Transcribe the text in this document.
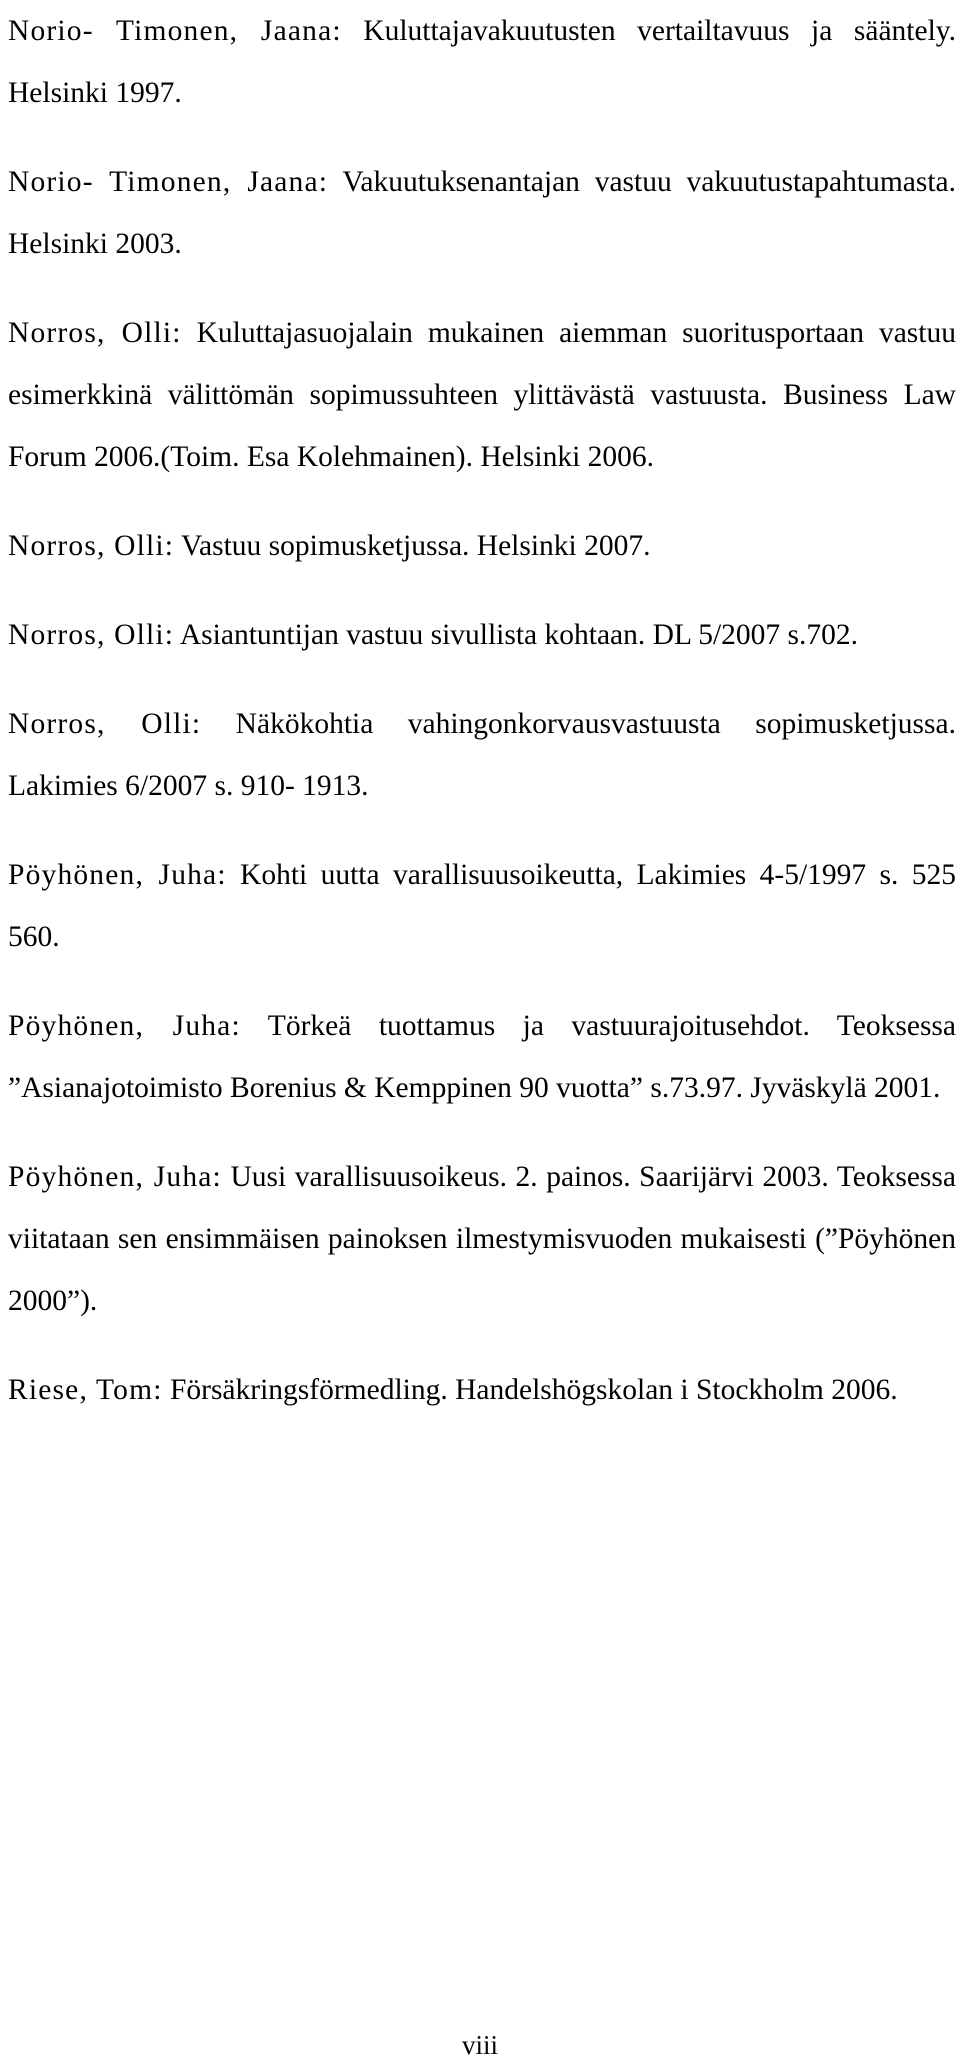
Norio- Timonen, Jaana: Kuluttajavakuutusten vertailtavuus ja sääntely. Helsinki 1997.

Norio- Timonen, Jaana: Vakuutuksenantajan vastuu vakuutustapahtumasta. Helsinki 2003.

Norros, Olli: Kuluttajasuojalain mukainen aiemman suoritusportaan vastuu esimerkkinä välittömän sopimussuhteen ylittävästä vastuusta. Business Law Forum 2006.(Toim. Esa Kolehmainen). Helsinki 2006.

Norros, Olli: Vastuu sopimusketjussa. Helsinki 2007.

Norros, Olli: Asiantuntijan vastuu sivullista kohtaan. DL 5/2007 s.702.

Norros, Olli: Näkökohtia vahingonkorvausvastuusta sopimusketjussa. Lakimies 6/2007 s. 910- 1913.

Pöyhönen, Juha: Kohti uutta varallisuusoikeutta, Lakimies 4-5/1997 s. 525 560.

Pöyhönen, Juha: Törkeä tuottamus ja vastuurajoitusehdot. Teoksessa ”Asianajotoimisto Borenius & Kemppinen 90 vuotta” s.73.97. Jyväskylä 2001.

Pöyhönen, Juha: Uusi varallisuusoikeus. 2. painos. Saarijärvi 2003. Teoksessa viitataan sen ensimmäisen painoksen ilmestymisvuoden mukaisesti (”Pöyhönen 2000”).

Riese, Tom: Försäkringsförmedling. Handelshögskolan i Stockholm 2006.

viii
